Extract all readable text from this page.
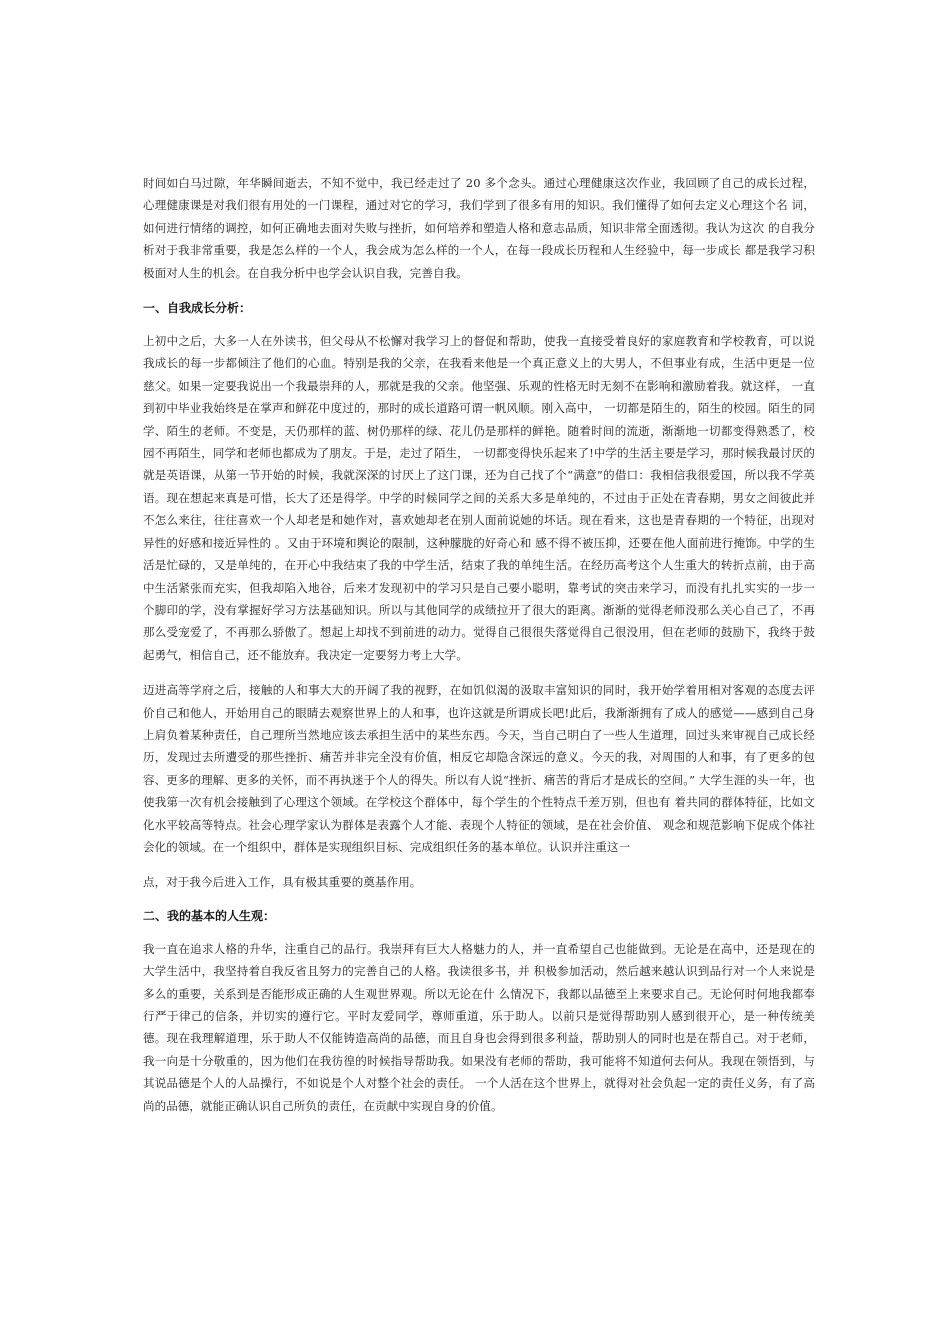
时间如白马过隙，年华瞬间逝去，不知不觉中，我已经走过了 20 多个念头。通过心理健康这次作业，我回顾了自己的成长过程， 心理健康课是对我们很有用处的一门课程，通过对它的学习，我们学到了很多有用的知识。我们懂得了如何去定义心理这个名 词，如何进行情绪的调控，如何正确地去面对失败与挫折，如何培养和塑造人格和意志品质，知识非常全面透彻。我认为这次 的自我分析对于我非常重要，我是怎么样的一个人，我会成为怎么样的一个人，在每一段成长历程和人生经验中，每一步成长 都是我学习积极面对人生的机会。在自我分析中也学会认识自我，完善自我。

一、自我成长分析：

上初中之后，大多一人在外读书，但父母从不松懈对我学习上的督促和帮助，使我一直接受着良好的家庭教育和学校教育，可以说我成长的每一步都倾注了他们的心血。特别是我的父亲，在我看来他是一个真正意义上的大男人，不但事业有成，生活中更是一位慈父。如果一定要我说出一个我最崇拜的人，那就是我的父亲。他坚强、乐观的性格无时无刻不在影响和激励着我。就这样， 一直到初中毕业我始终是在掌声和鲜花中度过的，那时的成长道路可谓一帆风顺。刚入高中， 一切都是陌生的，陌生的校园。陌生的同学、陌生的老师。不变是，天仍那样的蓝、树仍那样的绿、花儿仍是那样的鲜艳。随着时间的流逝，渐渐地一切都变得熟悉了，校园不再陌生，同学和老师也都成为了朋友。于是，走过了陌生， 一切都变得快乐起来了!中学的生活主要是学习，那时候我最讨厌的就是英语课，从第一节开始的时候，我就深深的讨厌上了这门课，还为自己找了个“满意”的借口：我相信我很爱国，所以我不学英语。现在想起来真是可惜，长大了还是得学。中学的时候同学之间的关系大多是单纯的，不过由于正处在青春期，男女之间彼此并不怎么来往，往往喜欢一个人却老是和她作对，喜欢她却老在别人面前说她的坏话。现在看来，这也是青春期的一个特征，出现对异性的好感和接近异性的 。又由于环境和舆论的限制，这种朦胧的好奇心和 感不得不被压抑，还要在他人面前进行掩饰。中学的生活是忙碌的，又是单纯的，在开心中我结束了我的中学生活，结束了我的单纯生活。在经历高考这个人生重大的转折点前，由于高中生活紧张而充实，但我却陷入地谷，后来才发现初中的学习只是自己要小聪明，靠考试的突击来学习，而没有扎扎实实的一步一个脚印的学，没有掌握好学习方法基础知识。所以与其他同学的成绩拉开了很大的距离。渐渐的觉得老师没那么关心自己了，不再那么受宠爱了，不再那么骄傲了。想起上却找不到前进的动力。觉得自己很很失落觉得自己很没用，但在老师的鼓励下，我终于鼓起勇气，相信自己，还不能放弃。我决定一定要努力考上大学。

迈进高等学府之后，接触的人和事大大的开阔了我的视野，在如饥似渴的汲取丰富知识的同时，我开始学着用相对客观的态度去评价自己和他人，开始用自己的眼睛去观察世界上的人和事，也许这就是所谓成长吧!此后，我渐渐拥有了成人的感觉——感到自己身上肩负着某种责任，自己理所当然地应该去承担生活中的某些东西。今天，当自己明白了一些人生道理，回过头来审视自己成长经历，发现过去所遭受的那些挫折、痛苦并非完全没有价值，相反它却隐含深远的意义。今天的我，对周围的人和事，有了更多的包容、更多的理解、更多的关怀，而不再执迷于个人的得失。所以有人说“挫折、痛苦的背后才是成长的空间。” 大学生涯的头一年，也使我第一次有机会接触到了心理这个领域。在学校这个群体中，每个学生的个性特点千差万别，但也有 着共同的群体特征，比如文化水平较高等特点。社会心理学家认为群体是表露个人才能、表现个人特征的领域，是在社会价值、 观念和规范影响下促成个体社会化的领域。在一个组织中，群体是实现组织目标、完成组织任务的基本单位。认识并注重这一

点，对于我今后进入工作，具有极其重要的奠基作用。

二、我的基本的人生观：

我一直在追求人格的升华，注重自己的品行。我崇拜有巨大人格魅力的人，并一直希望自己也能做到。无论是在高中，还是现在的大学生活中，我坚持着自我反省且努力的完善自己的人格。我读很多书，并 积极参加活动，然后越来越认识到品行对一个人来说是多么的重要，关系到是否能形成正确的人生观世界观。所以无论在什 么情况下，我都以品德至上来要求自己。无论何时何地我都奉行严于律己的信条，并切实的遵行它。平时友爱同学，尊师重道，乐于助人。以前只是觉得帮助别人感到很开心，是一种传统美德。现在我理解道理，乐于助人不仅能铸造高尚的品德，而且自身也会得到很多利益，帮助别人的同时也是在帮自己。对于老师，我一向是十分敬重的，因为他们在我彷徨的时候指导帮助我。如果没有老师的帮助，我可能将不知道何去何从。我现在领悟到，与其说品德是个人的人品操行，不如说是个人对整个社会的责任。 一个人活在这个世界上，就得对社会负起一定的责任义务，有了高尚的品德，就能正确认识自己所负的责任，在贡献中实现自身的价值。
